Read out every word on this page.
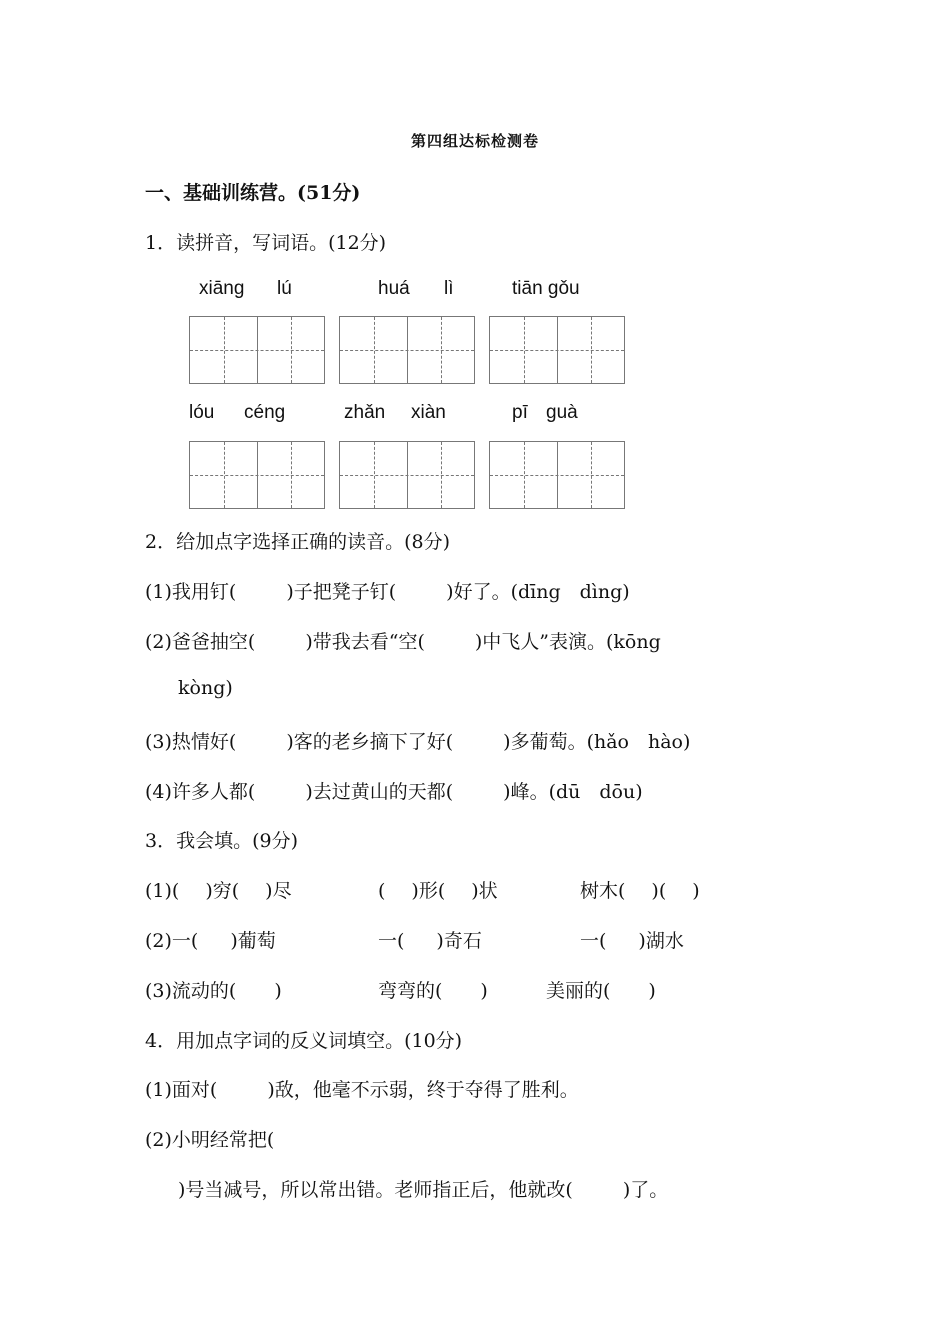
第四组达标检测卷
一、基础训练营。(51分)
1．读拼音，写词语。(12分)
xiāng lú	huá lì	tiān gǒu
lóu céng	zhǎn xiàn	pī guà
2．给加点字选择正确的读音。(8分)
(1)我用钉(	)子把凳子钉(	)好了。(dīng　dìng)
(2)爸爸抽空(	)带我去看“空(	)中飞人”表演。(kōng
kòng)
(3)热情好(	)客的老乡摘下了好(	)多葡萄。(hǎo　hào)
(4)许多人都(	)去过黄山的天都(	)峰。(dū　dōu)
3．我会填。(9分)
(1)( )穷( )尽	( )形( )状	树木( )( )
(2)一( )葡萄	一( )奇石	一( )湖水
(3)流动的( )	弯弯的( )	美丽的( )
4．用加点字词的反义词填空。(10分)
(1)面对(	)敌，他毫不示弱，终于夺得了胜利。
(2)小明经常把(
)号当减号，所以常出错。老师指正后，他就改(	)了。
